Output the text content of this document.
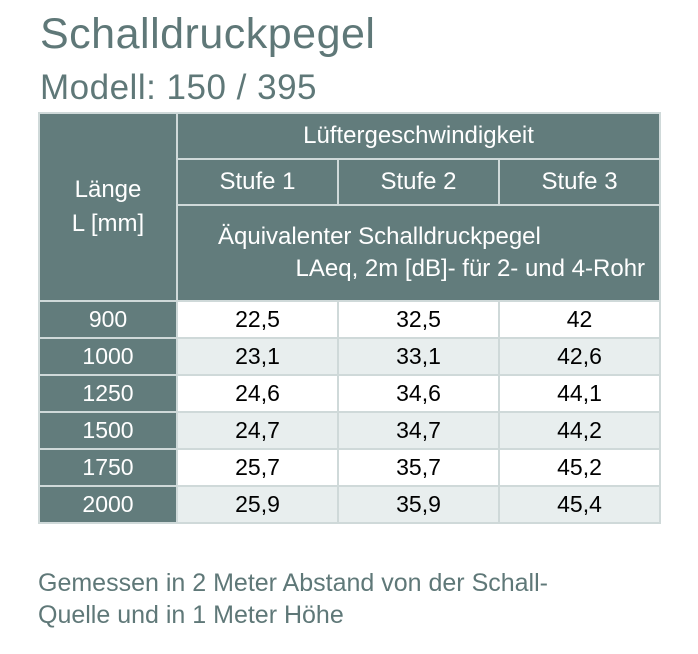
Schalldruckpegel
Modell: 150 / 395
Länge
L [mm]	Lüftergeschwindigkeit		
	Stufe 1	Stufe 2	Stufe 3

	Äquivalenter Schalldruckpegel
LAeq, 2m [dB]- für 2- und 4-Rohr		

900	22,5	32,5	42
1000	23,1	33,1	42,6
1250	24,6	34,6	44,1
1500	24,7	34,7	44,2
1750	25,7	35,7	45,2
2000	25,9	35,9	45,4
Gemessen in 2 Meter Abstand von der Schall-
Quelle und in 1 Meter Höhe
